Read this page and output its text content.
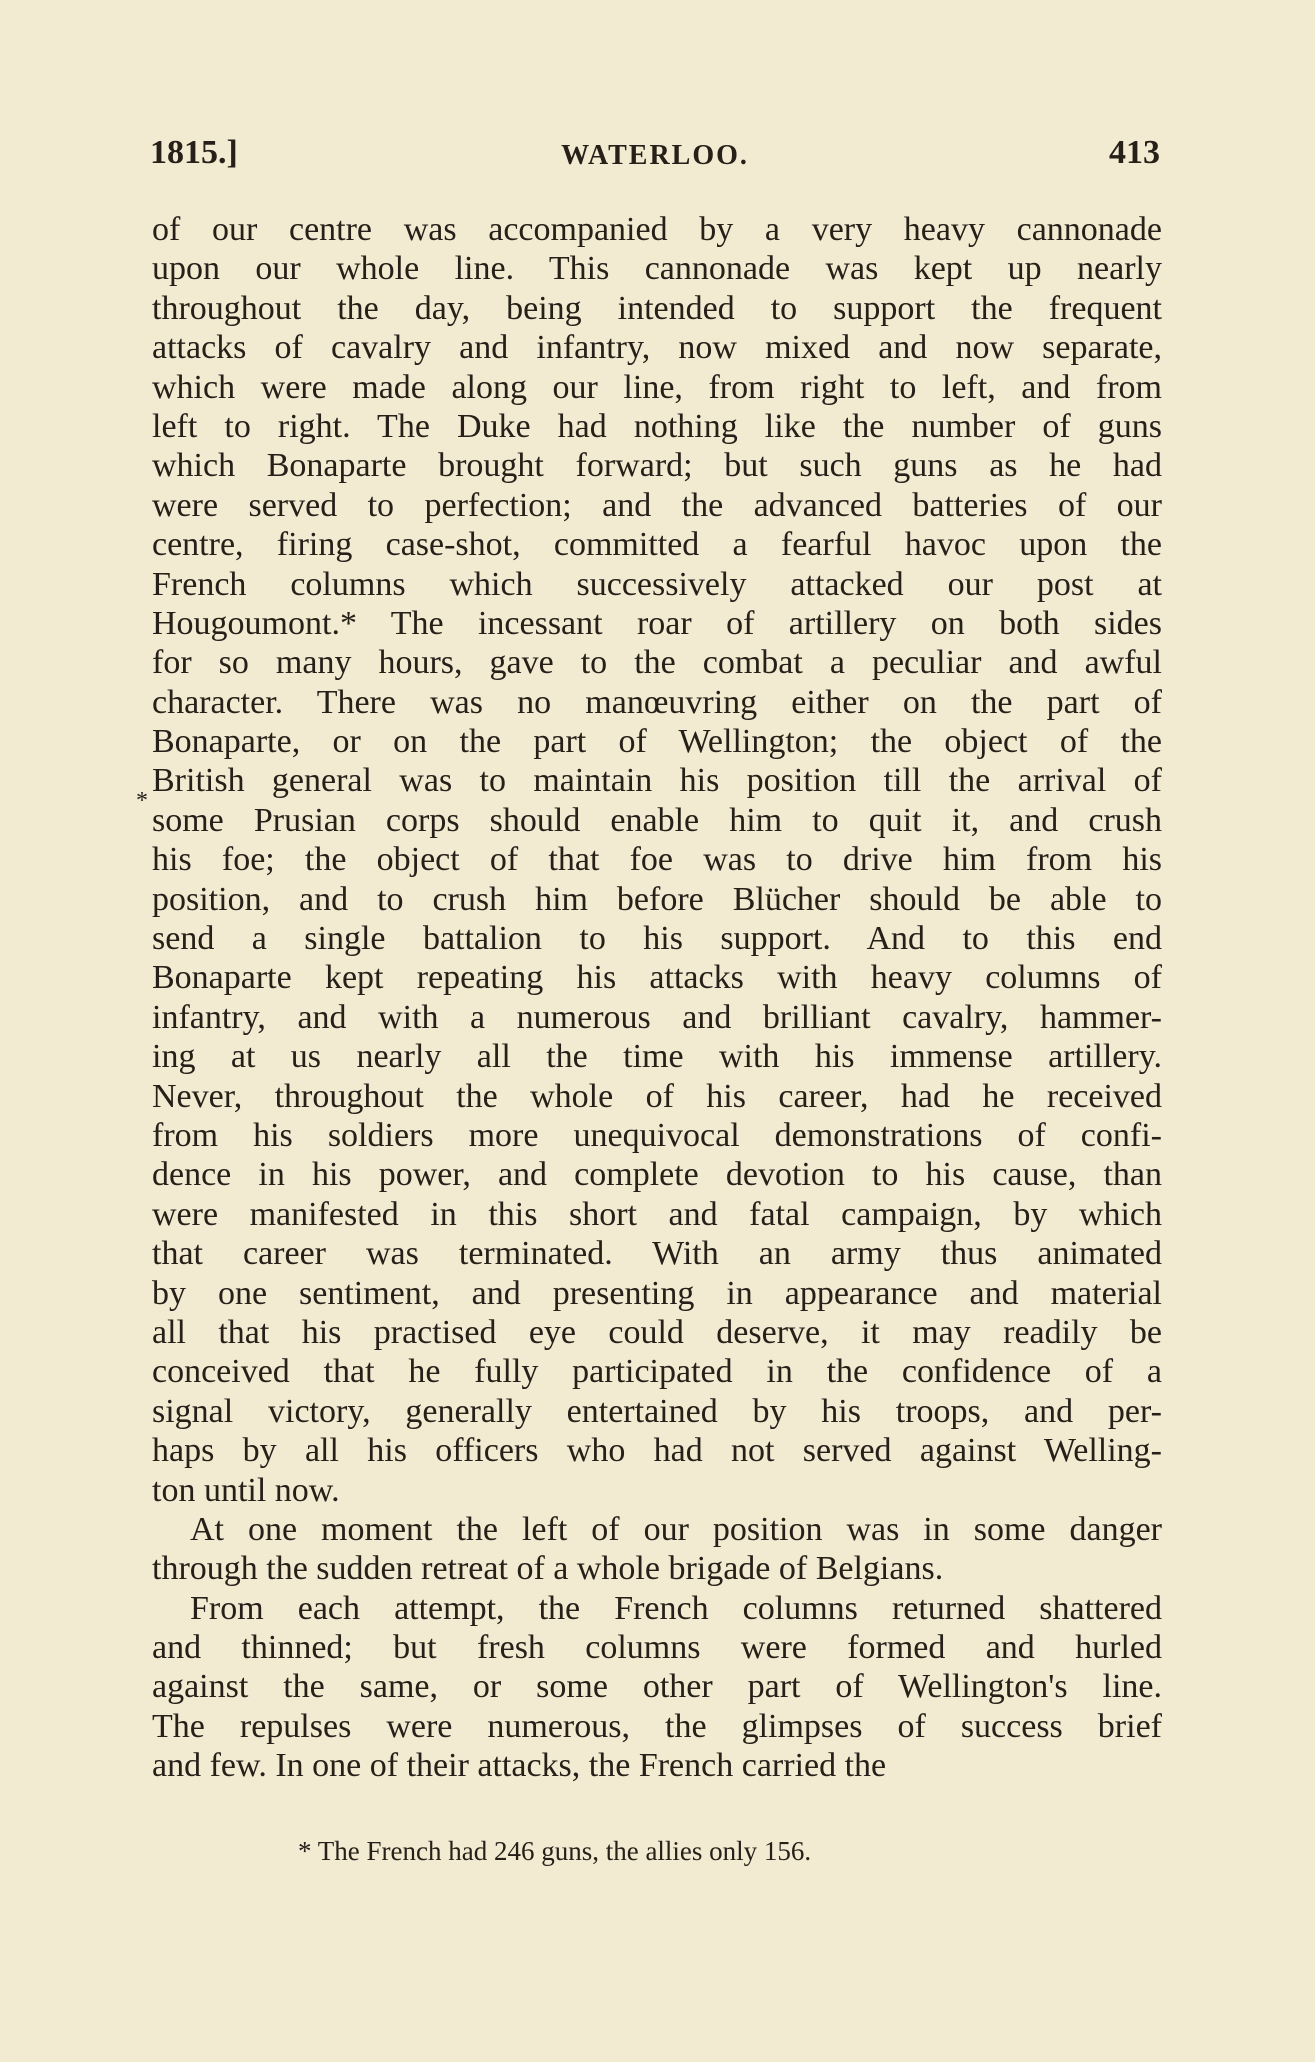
1815.]	WATERLOO.	413
*
of our centre was accompanied by a very heavy cannonade
upon our whole line. This cannonade was kept up nearly
throughout the day, being intended to support the frequent
attacks of cavalry and infantry, now mixed and now separate,
which were made along our line, from right to left, and from
left to right. The Duke had nothing like the number of guns
which Bonaparte brought forward; but such guns as he had
were served to perfection; and the advanced batteries of our
centre, firing case-shot, committed a fearful havoc upon the
French columns which successively attacked our post at
Hougoumont.* The incessant roar of artillery on both sides
for so many hours, gave to the combat a peculiar and awful
character. There was no manœuvring either on the part of
Bonaparte, or on the part of Wellington; the object of the
British general was to maintain his position till the arrival of
some Prusian corps should enable him to quit it, and crush
his foe; the object of that foe was to drive him from his
position, and to crush him before Blücher should be able to
send a single battalion to his support. And to this end
Bonaparte kept repeating his attacks with heavy columns of
infantry, and with a numerous and brilliant cavalry, hammer-
ing at us nearly all the time with his immense artillery.
Never, throughout the whole of his career, had he received
from his soldiers more unequivocal demonstrations of confi-
dence in his power, and complete devotion to his cause, than
were manifested in this short and fatal campaign, by which
that career was terminated. With an army thus animated
by one sentiment, and presenting in appearance and material
all that his practised eye could deserve, it may readily be
conceived that he fully participated in the confidence of a
signal victory, generally entertained by his troops, and per-
haps by all his officers who had not served against Welling-
ton until now.
At one moment the left of our position was in some danger
through the sudden retreat of a whole brigade of Belgians.
From each attempt, the French columns returned shattered
and thinned; but fresh columns were formed and hurled
against the same, or some other part of Wellington's line.
The repulses were numerous, the glimpses of success brief
and few. In one of their attacks, the French carried the
* The French had 246 guns, the allies only 156.
